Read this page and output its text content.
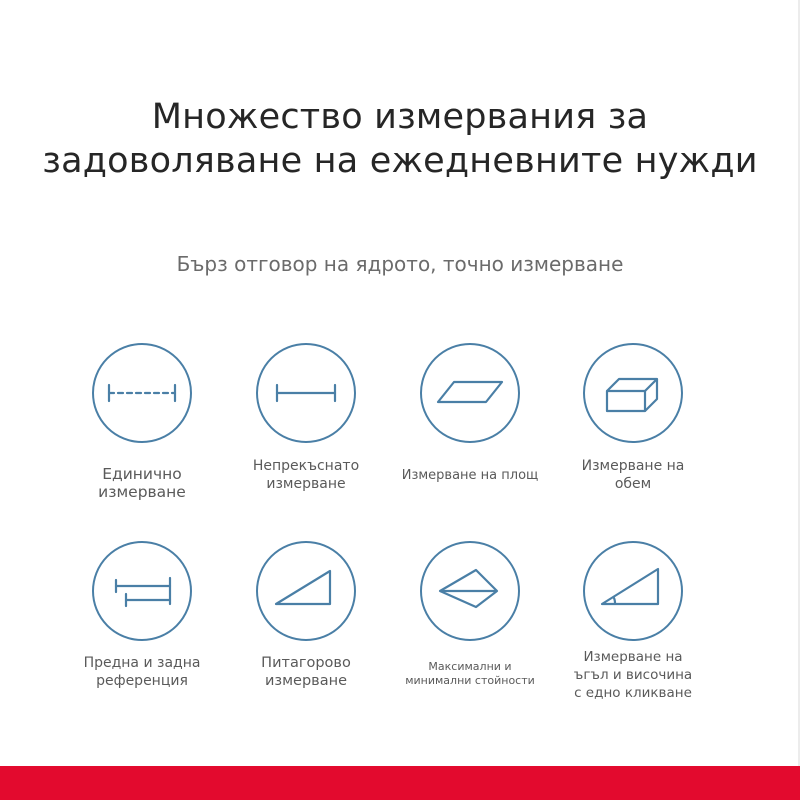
Множество измервания за
задоволяване на ежедневните нужди
Бърз отговор на ядрото, точно измерване
Единично измерване
Непрекъснато
измерване
Измерване на площ
Измерване на
обем
Предна и задна
референция
Питагорово
измерване
Максимални и
минимални стойности
Измерване на
ъгъл и височина
с едно кликване
